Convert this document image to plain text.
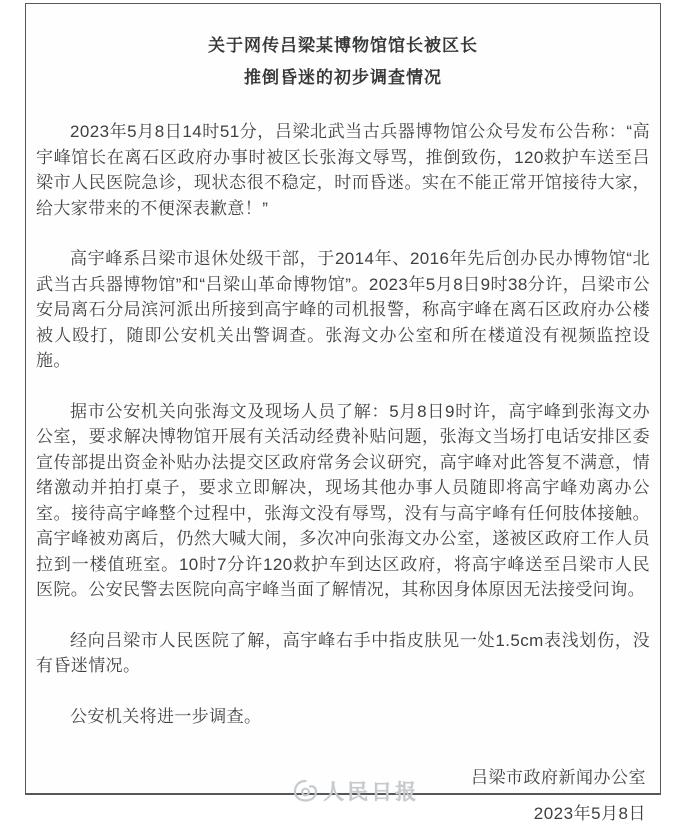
关于网传吕梁某博物馆馆长被区长
推倒昏迷的初步调查情况

2023年5月8日14时51分，吕梁北武当古兵器博物馆公众号发布公告称：“高宇峰馆长在离石区政府办事时被区长张海文辱骂，推倒致伤，120救护车送至吕梁市人民医院急诊，现状态很不稳定，时而昏迷。实在不能正常开馆接待大家，给大家带来的不便深表歉意！”

高宇峰系吕梁市退休处级干部，于2014年、2016年先后创办民办博物馆“北武当古兵器博物馆”和“吕梁山革命博物馆”。2023年5月8日9时38分许，吕梁市公安局离石分局滨河派出所接到高宇峰的司机报警，称高宇峰在离石区政府办公楼被人殴打，随即公安机关出警调查。张海文办公室和所在楼道没有视频监控设施。

据市公安机关向张海文及现场人员了解：5月8日9时许，高宇峰到张海文办公室，要求解决博物馆开展有关活动经费补贴问题，张海文当场打电话安排区委宣传部提出资金补贴办法提交区政府常务会议研究，高宇峰对此答复不满意，情绪激动并拍打桌子，要求立即解决，现场其他办事人员随即将高宇峰劝离办公室。接待高宇峰整个过程中，张海文没有辱骂，没有与高宇峰有任何肢体接触。高宇峰被劝离后，仍然大喊大闹，多次冲向张海文办公室，遂被区政府工作人员拉到一楼值班室。10时7分许120救护车到达区政府，将高宇峰送至吕梁市人民医院。公安民警去医院向高宇峰当面了解情况，其称因身体原因无法接受问询。

经向吕梁市人民医院了解，高宇峰右手中指皮肤见一处1.5cm表浅划伤，没有昏迷情况。

公安机关将进一步调查。

吕梁市政府新闻办公室
2023年5月8日
人民日报
